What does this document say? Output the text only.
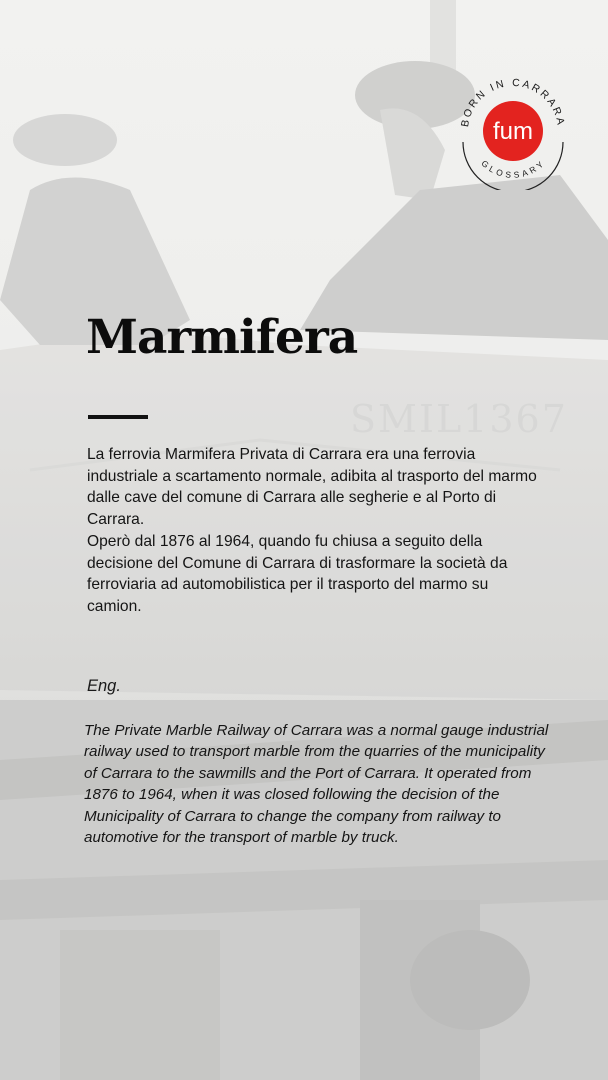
SMIL1367
BORN IN CARRARA
GLOSSARY
fum
Marmifera

La ferrovia Marmifera Privata di Carrara era una ferrovia industriale a scartamento normale, adibita al trasporto del marmo dalle cave del comune di Carrara alle segherie e al Porto di Carrara.

Operò dal 1876 al 1964, quando fu chiusa a seguito della decisione del Comune di Carrara di trasformare la società da ferroviaria ad automobilistica per il trasporto del marmo su camion.

Eng.

The Private Marble Railway of Carrara was a normal gauge industrial railway used to transport marble from the quarries of the municipality of Carrara to the sawmills and the Port of Carrara. It operated from 1876 to 1964, when it was closed following the decision of the Municipality of Carrara to change the company from railway to automotive for the transport of marble by truck.
